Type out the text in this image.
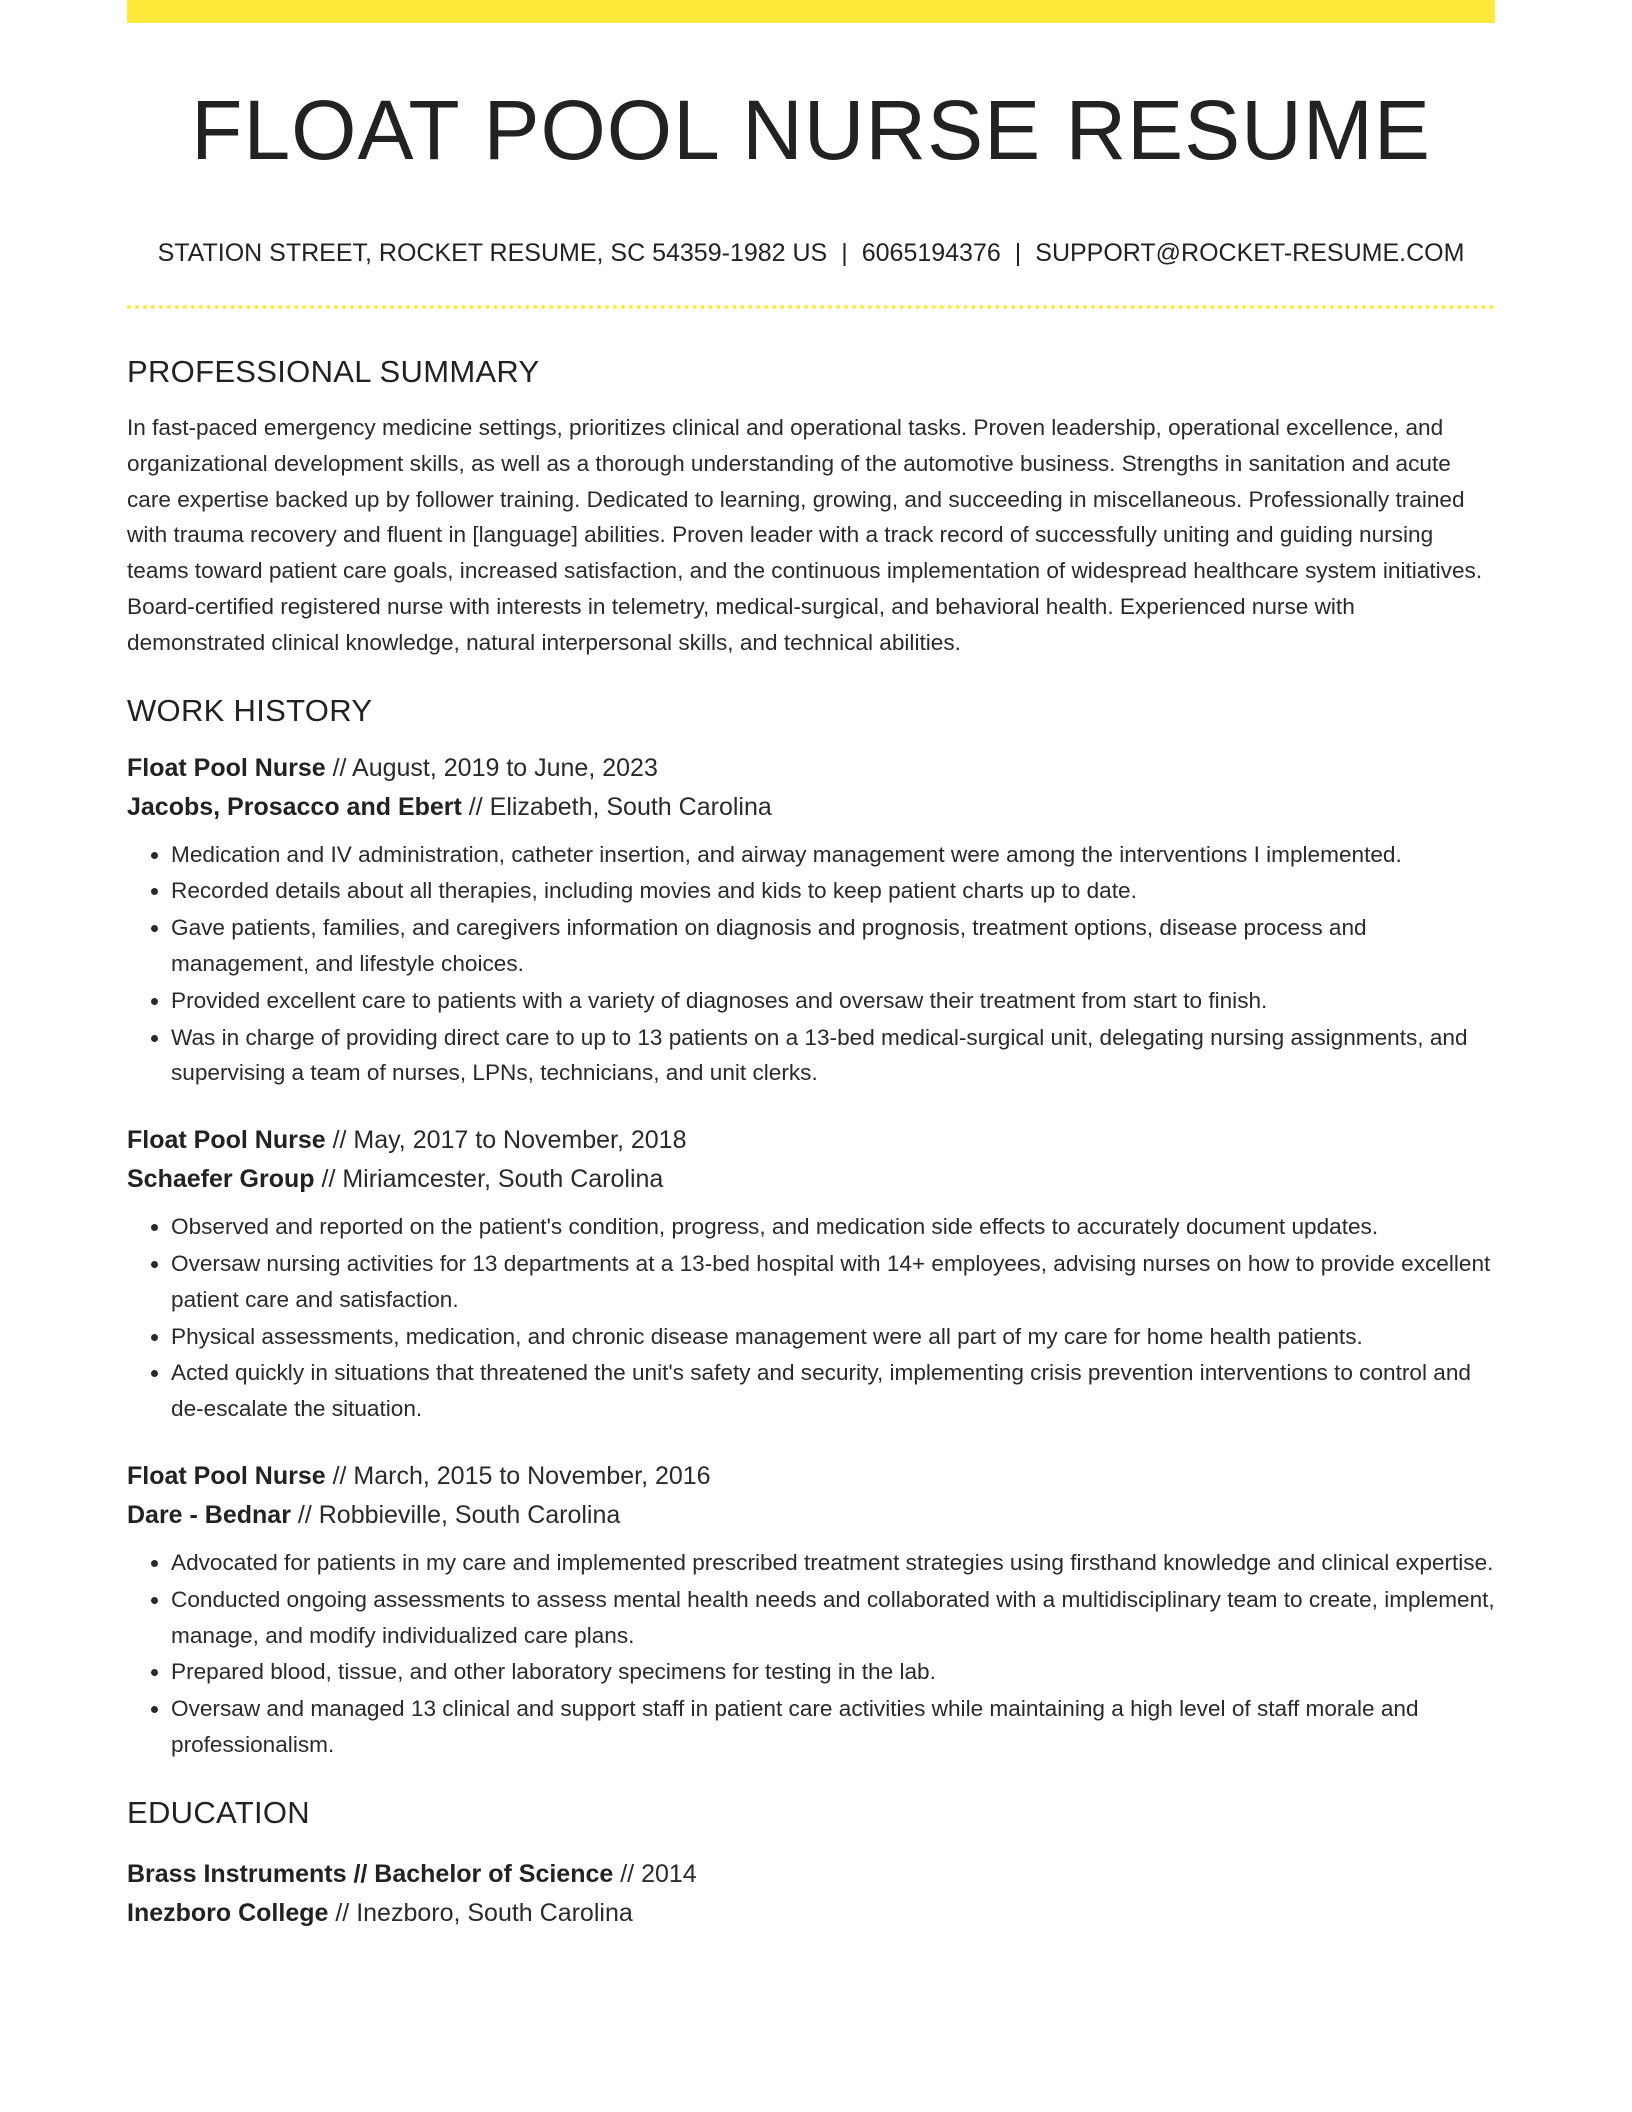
FLOAT POOL NURSE RESUME
STATION STREET, ROCKET RESUME, SC 54359-1982 US | 6065194376 | SUPPORT@ROCKET-RESUME.COM
PROFESSIONAL SUMMARY

In fast-paced emergency medicine settings, prioritizes clinical and operational tasks. Proven leadership, operational excellence, and organizational development skills, as well as a thorough understanding of the automotive business. Strengths in sanitation and acute care expertise backed up by follower training. Dedicated to learning, growing, and succeeding in miscellaneous. Professionally trained with trauma recovery and fluent in [language] abilities. Proven leader with a track record of successfully uniting and guiding nursing teams toward patient care goals, increased satisfaction, and the continuous implementation of widespread healthcare system initiatives. Board-certified registered nurse with interests in telemetry, medical-surgical, and behavioral health. Experienced nurse with demonstrated clinical knowledge, natural interpersonal skills, and technical abilities.

WORK HISTORY
Float Pool Nurse // August, 2019 to June, 2023
Jacobs, Prosacco and Ebert // Elizabeth, South Carolina
• Medication and IV administration, catheter insertion, and airway management were among the interventions I implemented.
• Recorded details about all therapies, including movies and kids to keep patient charts up to date.
• Gave patients, families, and caregivers information on diagnosis and prognosis, treatment options, disease process and management, and lifestyle choices.
• Provided excellent care to patients with a variety of diagnoses and oversaw their treatment from start to finish.
• Was in charge of providing direct care to up to 13 patients on a 13-bed medical-surgical unit, delegating nursing assignments, and supervising a team of nurses, LPNs, technicians, and unit clerks.
Float Pool Nurse // May, 2017 to November, 2018
Schaefer Group // Miriamcester, South Carolina
• Observed and reported on the patient's condition, progress, and medication side effects to accurately document updates.
• Oversaw nursing activities for 13 departments at a 13-bed hospital with 14+ employees, advising nurses on how to provide excellent patient care and satisfaction.
• Physical assessments, medication, and chronic disease management were all part of my care for home health patients.
• Acted quickly in situations that threatened the unit's safety and security, implementing crisis prevention interventions to control and de-escalate the situation.
Float Pool Nurse // March, 2015 to November, 2016
Dare - Bednar // Robbieville, South Carolina
• Advocated for patients in my care and implemented prescribed treatment strategies using firsthand knowledge and clinical expertise.
• Conducted ongoing assessments to assess mental health needs and collaborated with a multidisciplinary team to create, implement, manage, and modify individualized care plans.
• Prepared blood, tissue, and other laboratory specimens for testing in the lab.
• Oversaw and managed 13 clinical and support staff in patient care activities while maintaining a high level of staff morale and professionalism.
EDUCATION
Brass Instruments // Bachelor of Science // 2014
Inezboro College // Inezboro, South Carolina
